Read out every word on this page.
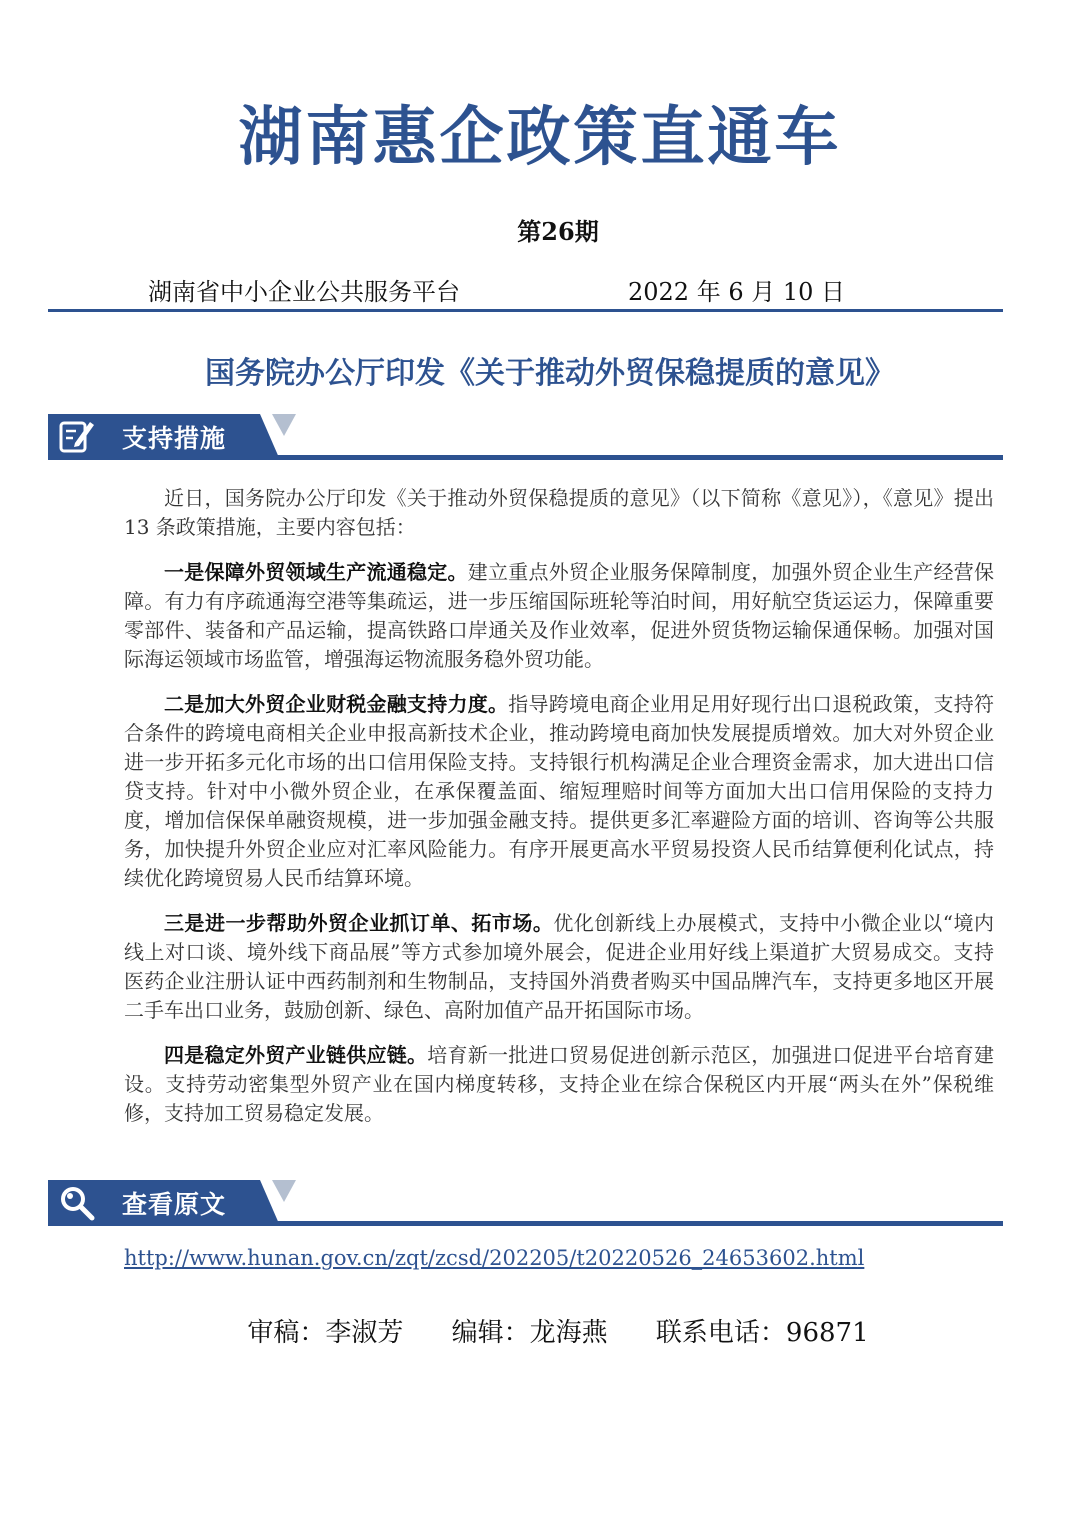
湖南惠企政策直通车
第26期
湖南省中小企业公共服务平台	2022 年 6 月 10 日
国务院办公厅印发《关于推动外贸保稳提质的意见》
支持措施

近日，国务院办公厅印发《关于推动外贸保稳提质的意见》（以下简称《意见》），《意见》提出 13 条政策措施，主要内容包括：

一是保障外贸领域生产流通稳定。建立重点外贸企业服务保障制度，加强外贸企业生产经营保障。有力有序疏通海空港等集疏运，进一步压缩国际班轮等泊时间，用好航空货运运力，保障重要零部件、装备和产品运输，提高铁路口岸通关及作业效率，促进外贸货物运输保通保畅。加强对国际海运领域市场监管，增强海运物流服务稳外贸功能。

二是加大外贸企业财税金融支持力度。指导跨境电商企业用足用好现行出口退税政策，支持符合条件的跨境电商相关企业申报高新技术企业，推动跨境电商加快发展提质增效。加大对外贸企业进一步开拓多元化市场的出口信用保险支持。支持银行机构满足企业合理资金需求，加大进出口信贷支持。针对中小微外贸企业，在承保覆盖面、缩短理赔时间等方面加大出口信用保险的支持力度，增加信保保单融资规模，进一步加强金融支持。提供更多汇率避险方面的培训、咨询等公共服务，加快提升外贸企业应对汇率风险能力。有序开展更高水平贸易投资人民币结算便利化试点，持续优化跨境贸易人民币结算环境。

三是进一步帮助外贸企业抓订单、拓市场。优化创新线上办展模式，支持中小微企业以“境内线上对口谈、境外线下商品展”等方式参加境外展会，促进企业用好线上渠道扩大贸易成交。支持医药企业注册认证中西药制剂和生物制品，支持国外消费者购买中国品牌汽车，支持更多地区开展二手车出口业务，鼓励创新、绿色、高附加值产品开拓国际市场。

四是稳定外贸产业链供应链。培育新一批进口贸易促进创新示范区，加强进口促进平台培育建设。支持劳动密集型外贸产业在国内梯度转移，支持企业在综合保税区内开展“两头在外”保税维修，支持加工贸易稳定发展。

查看原文
http://www.hunan.gov.cn/zqt/zcsd/202205/t20220526_24653602.html
审稿：李淑芳 编辑：龙海燕 联系电话：96871
